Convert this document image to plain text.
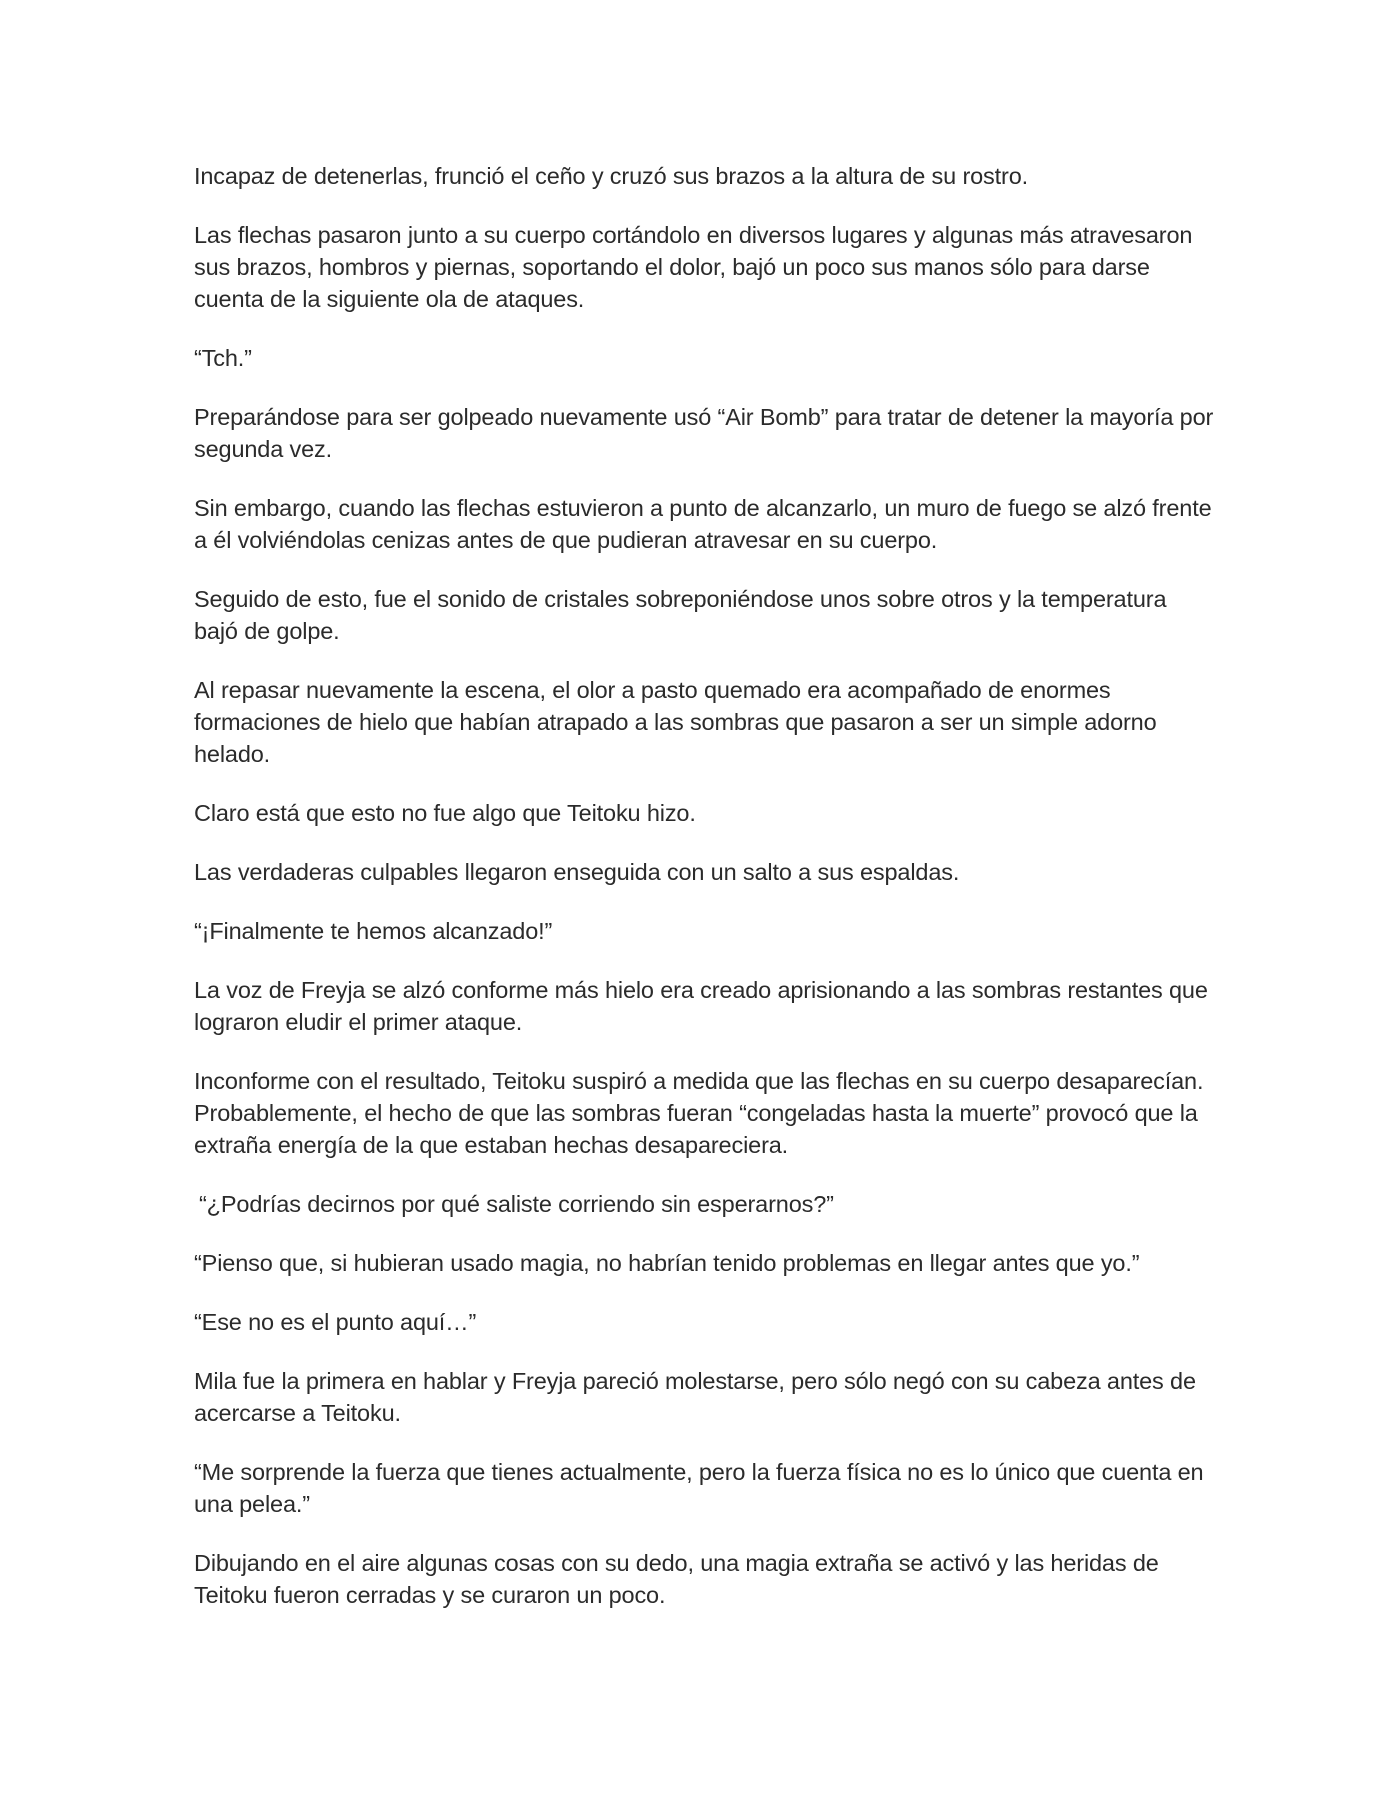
Incapaz de detenerlas, frunció el ceño y cruzó sus brazos a la altura de su rostro.

Las flechas pasaron junto a su cuerpo cortándolo en diversos lugares y algunas más atravesaron sus brazos, hombros y piernas, soportando el dolor, bajó un poco sus manos sólo para darse cuenta de la siguiente ola de ataques.

“Tch.”

Preparándose para ser golpeado nuevamente usó “Air Bomb” para tratar de detener la mayoría por segunda vez.

Sin embargo, cuando las flechas estuvieron a punto de alcanzarlo, un muro de fuego se alzó frente a él volviéndolas cenizas antes de que pudieran atravesar en su cuerpo.

Seguido de esto, fue el sonido de cristales sobreponiéndose unos sobre otros y la temperatura bajó de golpe.

Al repasar nuevamente la escena, el olor a pasto quemado era acompañado de enormes formaciones de hielo que habían atrapado a las sombras que pasaron a ser un simple adorno helado.

Claro está que esto no fue algo que Teitoku hizo.

Las verdaderas culpables llegaron enseguida con un salto a sus espaldas.

“¡Finalmente te hemos alcanzado!”

La voz de Freyja se alzó conforme más hielo era creado aprisionando a las sombras restantes que lograron eludir el primer ataque.

Inconforme con el resultado, Teitoku suspiró a medida que las flechas en su cuerpo desaparecían. Probablemente, el hecho de que las sombras fueran “congeladas hasta la muerte” provocó que la extraña energía de la que estaban hechas desapareciera.

“¿Podrías decirnos por qué saliste corriendo sin esperarnos?”

“Pienso que, si hubieran usado magia, no habrían tenido problemas en llegar antes que yo.”

“Ese no es el punto aquí…”

Mila fue la primera en hablar y Freyja pareció molestarse, pero sólo negó con su cabeza antes de acercarse a Teitoku.

“Me sorprende la fuerza que tienes actualmente, pero la fuerza física no es lo único que cuenta en una pelea.”

Dibujando en el aire algunas cosas con su dedo, una magia extraña se activó y las heridas de Teitoku fueron cerradas y se curaron un poco.
